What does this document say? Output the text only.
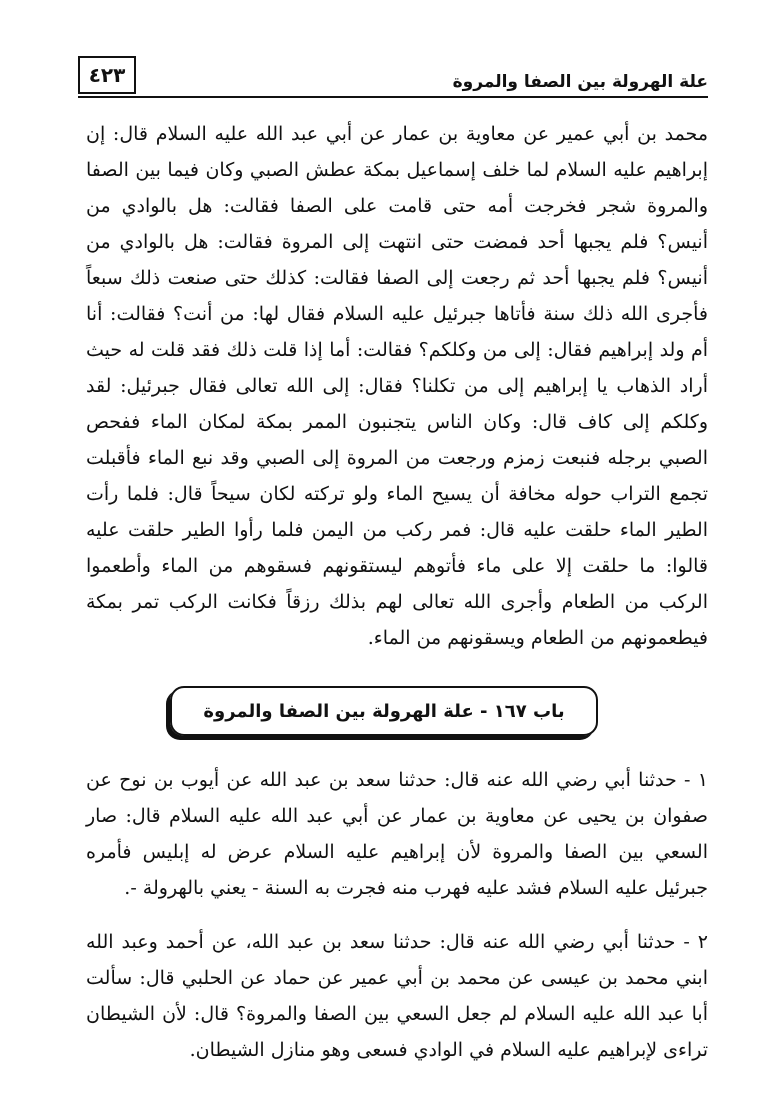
علة الهرولة بين الصفا والمروة
٤٢٣

محمد بن أبي عمير عن معاوية بن عمار عن أبي عبد الله عليه السلام قال: إن إبراهيم عليه السلام لما خلف إسماعيل بمكة عطش الصبي وكان فيما بين الصفا والمروة شجر فخرجت أمه حتى قامت على الصفا فقالت: هل بالوادي من أنيس؟ فلم يجبها أحد فمضت حتى انتهت إلى المروة فقالت: هل بالوادي من أنيس؟ فلم يجبها أحد ثم رجعت إلى الصفا فقالت: كذلك حتى صنعت ذلك سبعاً فأجرى الله ذلك سنة فأتاها جبرئيل عليه السلام فقال لها: من أنت؟ فقالت: أنا أم ولد إبراهيم فقال: إلى من وكلكم؟ فقالت: أما إذا قلت ذلك فقد قلت له حيث أراد الذهاب يا إبراهيم إلى من تكلنا؟ فقال: إلى الله تعالى فقال جبرئيل: لقد وكلكم إلى كاف قال: وكان الناس يتجنبون الممر بمكة لمكان الماء ففحص الصبي برجله فنبعت زمزم ورجعت من المروة إلى الصبي وقد نبع الماء فأقبلت تجمع التراب حوله مخافة أن يسيح الماء ولو تركته لكان سيحاً قال: فلما رأت الطير الماء حلقت عليه قال: فمر ركب من اليمن فلما رأوا الطير حلقت عليه قالوا: ما حلقت إلا على ماء فأتوهم ليستقونهم فسقوهم من الماء وأطعموا الركب من الطعام وأجرى الله تعالى لهم بذلك رزقاً فكانت الركب تمر بمكة فيطعمونهم من الطعام ويسقونهم من الماء.

باب ١٦٧ - علة الهرولة بين الصفا والمروة

١ - حدثنا أبي رضي الله عنه قال: حدثنا سعد بن عبد الله عن أيوب بن نوح عن صفوان بن يحيى عن معاوية بن عمار عن أبي عبد الله عليه السلام قال: صار السعي بين الصفا والمروة لأن إبراهيم عليه السلام عرض له إبليس فأمره جبرئيل عليه السلام فشد عليه فهرب منه فجرت به السنة - يعني بالهرولة -.

٢ - حدثنا أبي رضي الله عنه قال: حدثنا سعد بن عبد الله، عن أحمد وعبد الله ابني محمد بن عيسى عن محمد بن أبي عمير عن حماد عن الحلبي قال: سألت أبا عبد الله عليه السلام لم جعل السعي بين الصفا والمروة؟ قال: لأن الشيطان تراءى لإبراهيم عليه السلام في الوادي فسعى وهو منازل الشيطان.
